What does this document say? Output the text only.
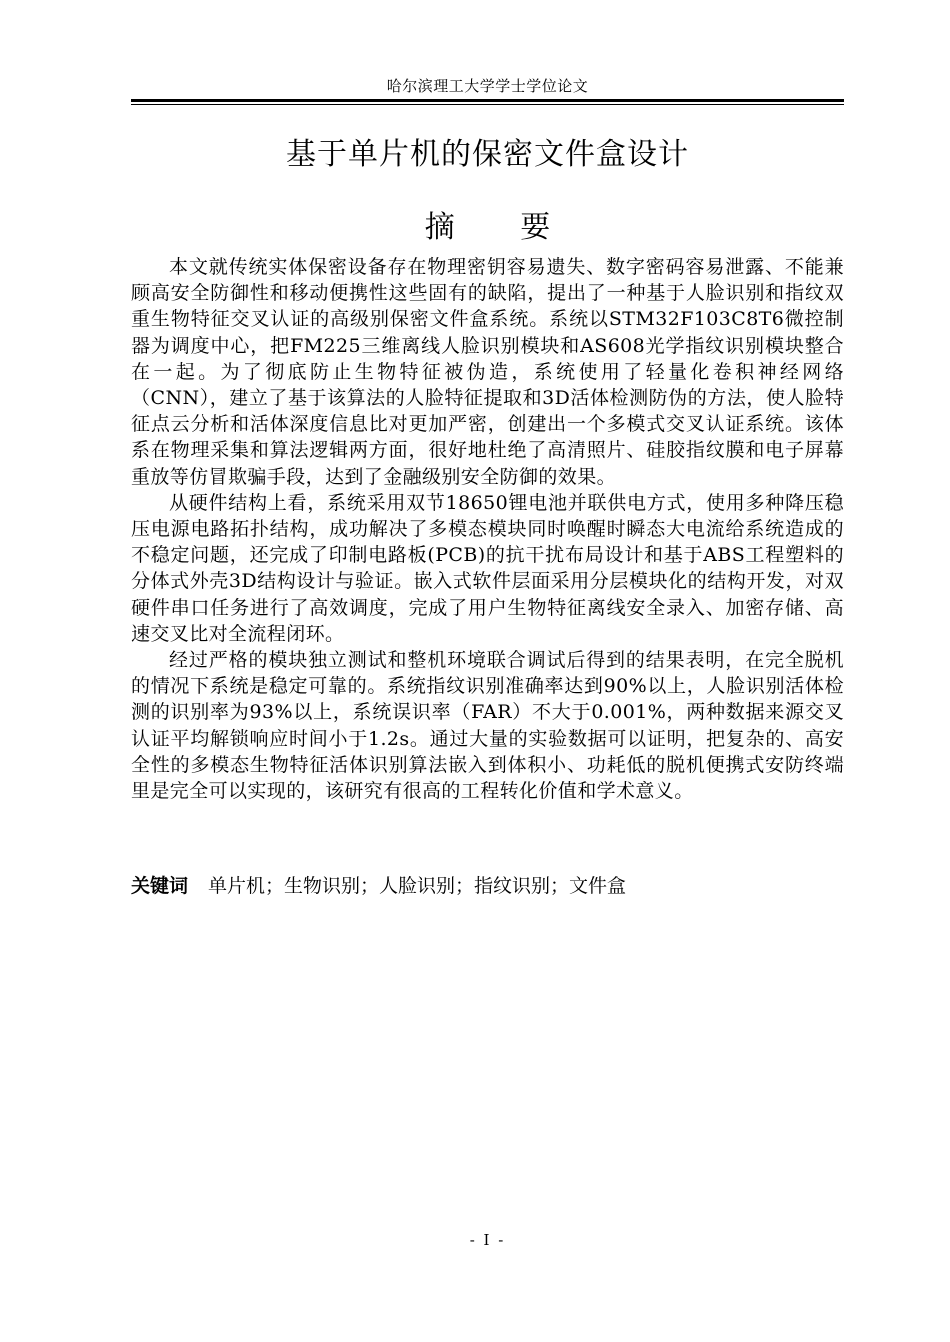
哈尔滨理工大学学士学位论文
基于单片机的保密文件盒设计
摘 要

本文就传统实体保密设备存在物理密钥容易遗失、数字密码容易泄露、不能兼顾高安全防御性和移动便携性这些固有的缺陷，提出了一种基于人脸识别和指纹双重生物特征交叉认证的高级别保密文件盒系统。系统以STM32F103C8T6微控制器为调度中心，把FM225三维离线人脸识别模块和AS608光学指纹识别模块整合在一起。为了彻底防止生物特征被伪造，系统使用了轻量化卷积神经网络（CNN），建立了基于该算法的人脸特征提取和3D活体检测防伪的方法，使人脸特征点云分析和活体深度信息比对更加严密，创建出一个多模式交叉认证系统。该体系在物理采集和算法逻辑两方面，很好地杜绝了高清照片、硅胶指纹膜和电子屏幕重放等仿冒欺骗手段，达到了金融级别安全防御的效果。

从硬件结构上看，系统采用双节18650锂电池并联供电方式，使用多种降压稳压电源电路拓扑结构，成功解决了多模态模块同时唤醒时瞬态大电流给系统造成的不稳定问题，还完成了印制电路板(PCB)的抗干扰布局设计和基于ABS工程塑料的分体式外壳3D结构设计与验证。嵌入式软件层面采用分层模块化的结构开发，对双硬件串口任务进行了高效调度，完成了用户生物特征离线安全录入、加密存储、高速交叉比对全流程闭环。

经过严格的模块独立测试和整机环境联合调试后得到的结果表明，在完全脱机的情况下系统是稳定可靠的。系统指纹识别准确率达到90%以上，人脸识别活体检测的识别率为93%以上，系统误识率（FAR）不大于0.001%，两种数据来源交叉认证平均解锁响应时间小于1.2s。通过大量的实验数据可以证明，把复杂的、高安全性的多模态生物特征活体识别算法嵌入到体积小、功耗低的脱机便携式安防终端里是完全可以实现的，该研究有很高的工程转化价值和学术意义。

关键词 单片机；生物识别；人脸识别；指纹识别；文件盒
- I -
